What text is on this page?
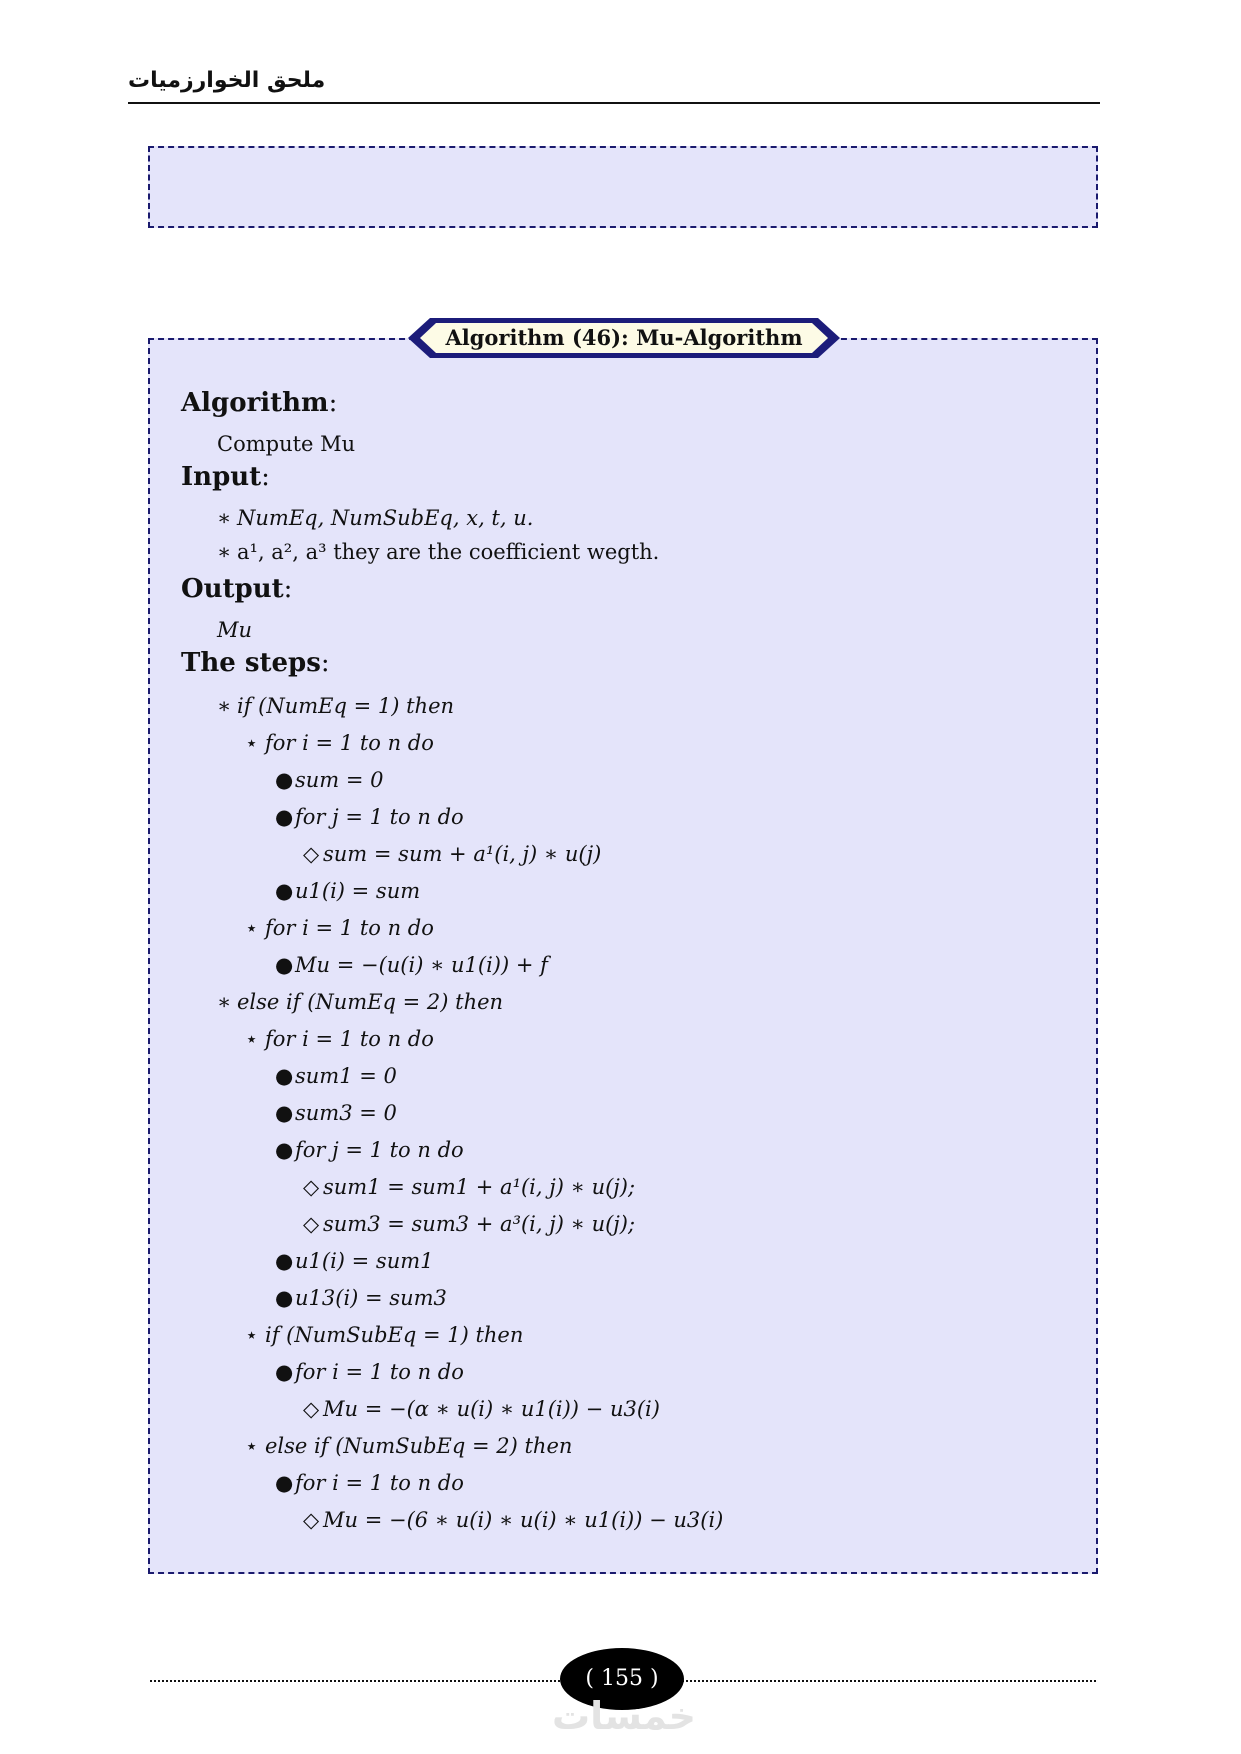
ملحق الخوارزميات
Algorithm (46): Mu-Algorithm
Algorithm:
Compute Mu
Input:
∗ NumEq, NumSubEq, x, t, u.
∗ a¹, a², a³ they are the coefficient wegth.
Output:
Mu
The steps:
∗ if (NumEq = 1) then
⋆ for i = 1 to n do
●sum = 0
●for j = 1 to n do
◇ sum = sum + a¹(i, j) ∗ u(j)
●u1(i) = sum
⋆ for i = 1 to n do
●Mu = −(u(i) ∗ u1(i)) + f
∗ else if (NumEq = 2) then
⋆ for i = 1 to n do
●sum1 = 0
●sum3 = 0
●for j = 1 to n do
◇ sum1 = sum1 + a¹(i, j) ∗ u(j);
◇ sum3 = sum3 + a³(i, j) ∗ u(j);
●u1(i) = sum1
●u13(i) = sum3
⋆ if (NumSubEq = 1) then
●for i = 1 to n do
◇ Mu = −(α ∗ u(i) ∗ u1(i)) − u3(i)
⋆ else if (NumSubEq = 2) then
●for i = 1 to n do
◇ Mu = −(6 ∗ u(i) ∗ u(i) ∗ u1(i)) − u3(i)
( 155 )
خمسات
